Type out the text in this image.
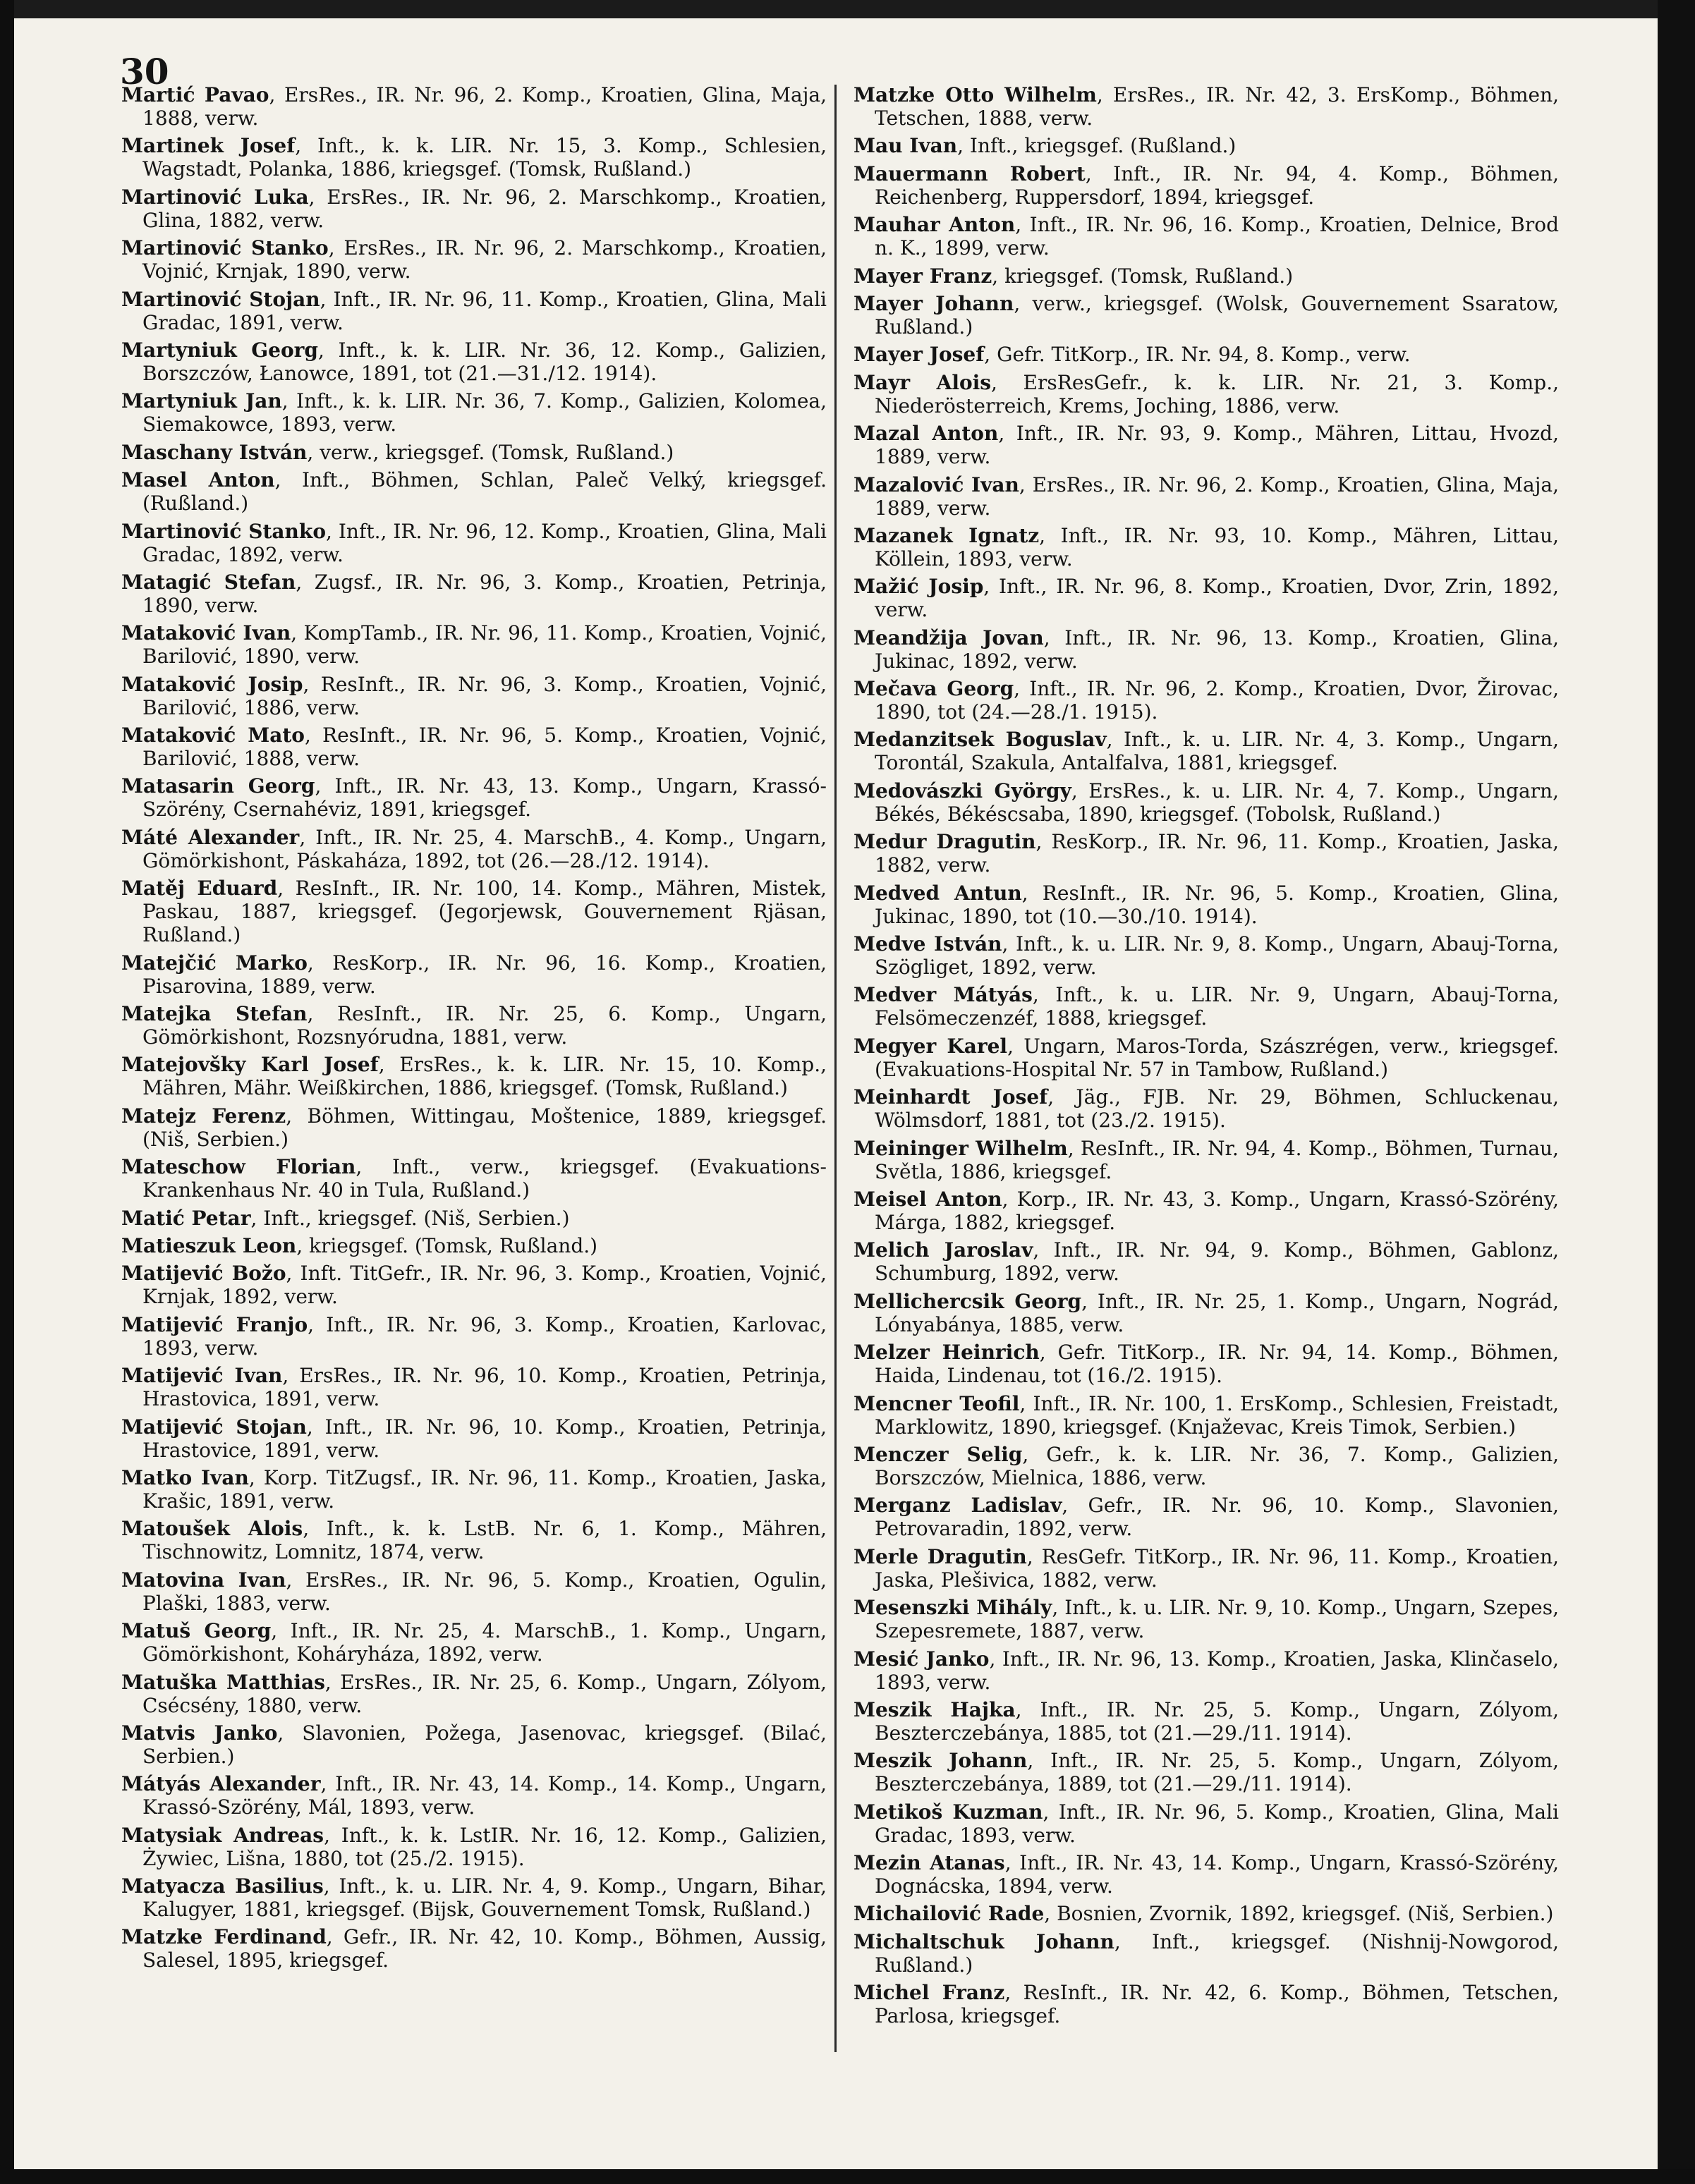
30
Martić Pavao, ErsRes., IR. Nr. 96, 2. Komp., Kroatien, Glina, Maja, 1888, verw.
Martinek Josef, Inft., k. k. LIR. Nr. 15, 3. Komp., Schlesien, Wagstadt, Polanka, 1886, kriegsgef. (Tomsk, Rußland.)
Martinović Luka, ErsRes., IR. Nr. 96, 2. Marschkomp., Kroatien, Glina, 1882, verw.
Martinović Stanko, ErsRes., IR. Nr. 96, 2. Marschkomp., Kroatien, Vojnić, Krnjak, 1890, verw.
Martinović Stojan, Inft., IR. Nr. 96, 11. Komp., Kroatien, Glina, Mali Gradac, 1891, verw.
Martyniuk Georg, Inft., k. k. LIR. Nr. 36, 12. Komp., Galizien, Borszczów, Łanowce, 1891, tot (21.—31./12. 1914).
Martyniuk Jan, Inft., k. k. LIR. Nr. 36, 7. Komp., Galizien, Kolomea, Siemakowce, 1893, verw.
Maschany István, verw., kriegsgef. (Tomsk, Rußland.)
Masel Anton, Inft., Böhmen, Schlan, Paleč Velký, kriegsgef. (Rußland.)
Martinović Stanko, Inft., IR. Nr. 96, 12. Komp., Kroatien, Glina, Mali Gradac, 1892, verw.
Matagić Stefan, Zugsf., IR. Nr. 96, 3. Komp., Kroatien, Petrinja, 1890, verw.
Mataković Ivan, KompTamb., IR. Nr. 96, 11. Komp., Kroatien, Vojnić, Barilović, 1890, verw.
Mataković Josip, ResInft., IR. Nr. 96, 3. Komp., Kroatien, Vojnić, Barilović, 1886, verw.
Mataković Mato, ResInft., IR. Nr. 96, 5. Komp., Kroatien, Vojnić, Barilović, 1888, verw.
Matasarin Georg, Inft., IR. Nr. 43, 13. Komp., Ungarn, Krassó-Szörény, Csernahéviz, 1891, kriegsgef.
Máté Alexander, Inft., IR. Nr. 25, 4. MarschB., 4. Komp., Ungarn, Gömörkishont, Páskaháza, 1892, tot (26.—28./12. 1914).
Matěj Eduard, ResInft., IR. Nr. 100, 14. Komp., Mähren, Mistek, Paskau, 1887, kriegsgef. (Jegorjewsk, Gouvernement Rjäsan, Rußland.)
Matejčić Marko, ResKorp., IR. Nr. 96, 16. Komp., Kroatien, Pisarovina, 1889, verw.
Matejka Stefan, ResInft., IR. Nr. 25, 6. Komp., Ungarn, Gömörkishont, Rozsnyórudna, 1881, verw.
Matejovšky Karl Josef, ErsRes., k. k. LIR. Nr. 15, 10. Komp., Mähren, Mähr. Weißkirchen, 1886, kriegsgef. (Tomsk, Rußland.)
Matejz Ferenz, Böhmen, Wittingau, Moštenice, 1889, kriegsgef. (Niš, Serbien.)
Mateschow Florian, Inft., verw., kriegsgef. (Evakuations-Krankenhaus Nr. 40 in Tula, Rußland.)
Matić Petar, Inft., kriegsgef. (Niš, Serbien.)
Matieszuk Leon, kriegsgef. (Tomsk, Rußland.)
Matijević Božo, Inft. TitGefr., IR. Nr. 96, 3. Komp., Kroatien, Vojnić, Krnjak, 1892, verw.
Matijević Franjo, Inft., IR. Nr. 96, 3. Komp., Kroatien, Karlovac, 1893, verw.
Matijević Ivan, ErsRes., IR. Nr. 96, 10. Komp., Kroatien, Petrinja, Hrastovica, 1891, verw.
Matijević Stojan, Inft., IR. Nr. 96, 10. Komp., Kroatien, Petrinja, Hrastovice, 1891, verw.
Matko Ivan, Korp. TitZugsf., IR. Nr. 96, 11. Komp., Kroatien, Jaska, Krašic, 1891, verw.
Matoušek Alois, Inft., k. k. LstB. Nr. 6, 1. Komp., Mähren, Tischnowitz, Lomnitz, 1874, verw.
Matovina Ivan, ErsRes., IR. Nr. 96, 5. Komp., Kroatien, Ogulin, Plaški, 1883, verw.
Matuš Georg, Inft., IR. Nr. 25, 4. MarschB., 1. Komp., Ungarn, Gömörkishont, Koháryháza, 1892, verw.
Matuška Matthias, ErsRes., IR. Nr. 25, 6. Komp., Ungarn, Zólyom, Csécsény, 1880, verw.
Matvis Janko, Slavonien, Požega, Jasenovac, kriegsgef. (Bilać, Serbien.)
Mátyás Alexander, Inft., IR. Nr. 43, 14. Komp., 14. Komp., Ungarn, Krassó-Szörény, Mál, 1893, verw.
Matysiak Andreas, Inft., k. k. LstIR. Nr. 16, 12. Komp., Galizien, Żywiec, Lišna, 1880, tot (25./2. 1915).
Matyacza Basilius, Inft., k. u. LIR. Nr. 4, 9. Komp., Ungarn, Bihar, Kalugyer, 1881, kriegsgef. (Bijsk, Gouvernement Tomsk, Rußland.)
Matzke Ferdinand, Gefr., IR. Nr. 42, 10. Komp., Böhmen, Aussig, Salesel, 1895, kriegsgef.
Matzke Otto Wilhelm, ErsRes., IR. Nr. 42, 3. ErsKomp., Böhmen, Tetschen, 1888, verw.
Mau Ivan, Inft., kriegsgef. (Rußland.)
Mauermann Robert, Inft., IR. Nr. 94, 4. Komp., Böhmen, Reichenberg, Ruppersdorf, 1894, kriegsgef.
Mauhar Anton, Inft., IR. Nr. 96, 16. Komp., Kroatien, Delnice, Brod n. K., 1899, verw.
Mayer Franz, kriegsgef. (Tomsk, Rußland.)
Mayer Johann, verw., kriegsgef. (Wolsk, Gouvernement Ssaratow, Rußland.)
Mayer Josef, Gefr. TitKorp., IR. Nr. 94, 8. Komp., verw.
Mayr Alois, ErsResGefr., k. k. LIR. Nr. 21, 3. Komp., Niederösterreich, Krems, Joching, 1886, verw.
Mazal Anton, Inft., IR. Nr. 93, 9. Komp., Mähren, Littau, Hvozd, 1889, verw.
Mazalović Ivan, ErsRes., IR. Nr. 96, 2. Komp., Kroatien, Glina, Maja, 1889, verw.
Mazanek Ignatz, Inft., IR. Nr. 93, 10. Komp., Mähren, Littau, Köllein, 1893, verw.
Mažić Josip, Inft., IR. Nr. 96, 8. Komp., Kroatien, Dvor, Zrin, 1892, verw.
Meandžija Jovan, Inft., IR. Nr. 96, 13. Komp., Kroatien, Glina, Jukinac, 1892, verw.
Mečava Georg, Inft., IR. Nr. 96, 2. Komp., Kroatien, Dvor, Žirovac, 1890, tot (24.—28./1. 1915).
Medanzitsek Boguslav, Inft., k. u. LIR. Nr. 4, 3. Komp., Ungarn, Torontál, Szakula, Antalfalva, 1881, kriegsgef.
Medovászki György, ErsRes., k. u. LIR. Nr. 4, 7. Komp., Ungarn, Békés, Békéscsaba, 1890, kriegsgef. (Tobolsk, Rußland.)
Medur Dragutin, ResKorp., IR. Nr. 96, 11. Komp., Kroatien, Jaska, 1882, verw.
Medved Antun, ResInft., IR. Nr. 96, 5. Komp., Kroatien, Glina, Jukinac, 1890, tot (10.—30./10. 1914).
Medve István, Inft., k. u. LIR. Nr. 9, 8. Komp., Ungarn, Abauj-Torna, Szögliget, 1892, verw.
Medver Mátyás, Inft., k. u. LIR. Nr. 9, Ungarn, Abauj-Torna, Felsömeczenzéf, 1888, kriegsgef.
Megyer Karel, Ungarn, Maros-Torda, Szászrégen, verw., kriegsgef. (Evakuations-Hospital Nr. 57 in Tambow, Rußland.)
Meinhardt Josef, Jäg., FJB. Nr. 29, Böhmen, Schluckenau, Wölmsdorf, 1881, tot (23./2. 1915).
Meininger Wilhelm, ResInft., IR. Nr. 94, 4. Komp., Böhmen, Turnau, Světla, 1886, kriegsgef.
Meisel Anton, Korp., IR. Nr. 43, 3. Komp., Ungarn, Krassó-Szörény, Márga, 1882, kriegsgef.
Melich Jaroslav, Inft., IR. Nr. 94, 9. Komp., Böhmen, Gablonz, Schumburg, 1892, verw.
Mellichercsik Georg, Inft., IR. Nr. 25, 1. Komp., Ungarn, Nográd, Lónyabánya, 1885, verw.
Melzer Heinrich, Gefr. TitKorp., IR. Nr. 94, 14. Komp., Böhmen, Haida, Lindenau, tot (16./2. 1915).
Mencner Teofil, Inft., IR. Nr. 100, 1. ErsKomp., Schlesien, Freistadt, Marklowitz, 1890, kriegsgef. (Knjaževac, Kreis Timok, Serbien.)
Menczer Selig, Gefr., k. k. LIR. Nr. 36, 7. Komp., Galizien, Borszczów, Mielnica, 1886, verw.
Merganz Ladislav, Gefr., IR. Nr. 96, 10. Komp., Slavonien, Petrovaradin, 1892, verw.
Merle Dragutin, ResGefr. TitKorp., IR. Nr. 96, 11. Komp., Kroatien, Jaska, Plešivica, 1882, verw.
Mesenszki Mihály, Inft., k. u. LIR. Nr. 9, 10. Komp., Ungarn, Szepes, Szepesremete, 1887, verw.
Mesić Janko, Inft., IR. Nr. 96, 13. Komp., Kroatien, Jaska, Klinčaselo, 1893, verw.
Meszik Hajka, Inft., IR. Nr. 25, 5. Komp., Ungarn, Zólyom, Beszterczebánya, 1885, tot (21.—29./11. 1914).
Meszik Johann, Inft., IR. Nr. 25, 5. Komp., Ungarn, Zólyom, Beszterczebánya, 1889, tot (21.—29./11. 1914).
Metikoš Kuzman, Inft., IR. Nr. 96, 5. Komp., Kroatien, Glina, Mali Gradac, 1893, verw.
Mezin Atanas, Inft., IR. Nr. 43, 14. Komp., Ungarn, Krassó-Szörény, Dognácska, 1894, verw.
Michailović Rade, Bosnien, Zvornik, 1892, kriegsgef. (Niš, Serbien.)
Michaltschuk Johann, Inft., kriegsgef. (Nishnij-Nowgorod, Rußland.)
Michel Franz, ResInft., IR. Nr. 42, 6. Komp., Böhmen, Tetschen, Parlosa, kriegsgef.
